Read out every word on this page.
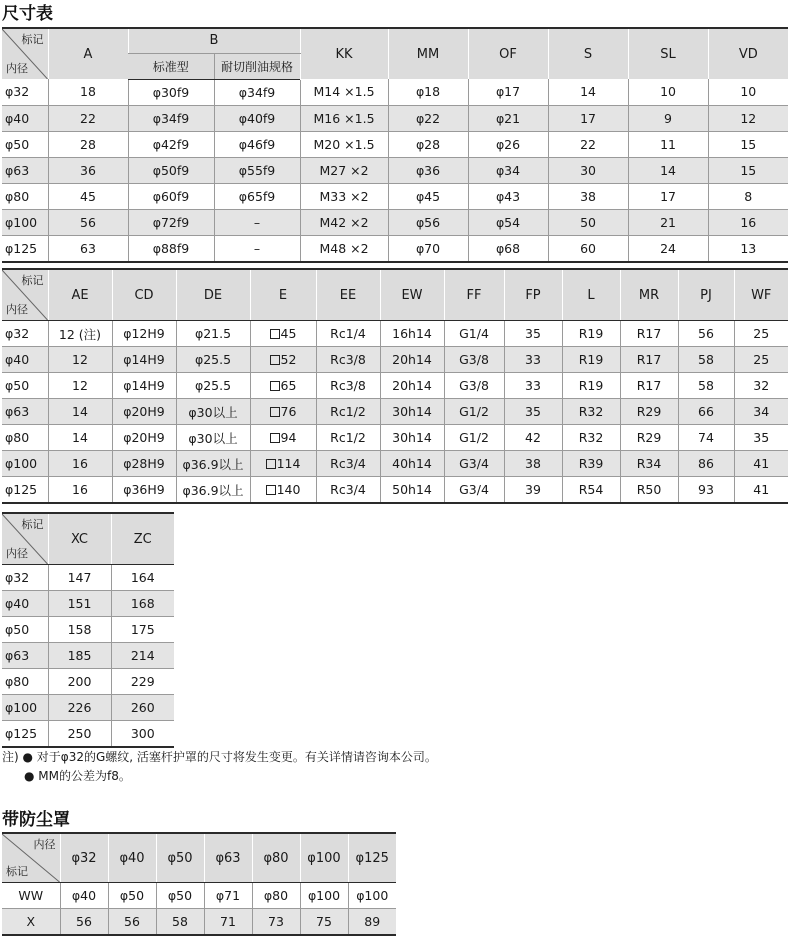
尺寸表
标记
内径	A	B		KK	MM	OF	S	SL	VD
		标准型	耐切削油规格						
φ32	18	φ30f9	φ34f9	M14 ×1.5	φ18	φ17	14	10	10
φ40	22	φ34f9	φ40f9	M16 ×1.5	φ22	φ21	17	9	12
φ50	28	φ42f9	φ46f9	M20 ×1.5	φ28	φ26	22	11	15
φ63	36	φ50f9	φ55f9	M27 ×2	φ36	φ34	30	14	15
φ80	45	φ60f9	φ65f9	M33 ×2	φ45	φ43	38	17	8
φ100	56	φ72f9	–	M42 ×2	φ56	φ54	50	21	16
φ125	63	φ88f9	–	M48 ×2	φ70	φ68	60	24	13
标记
内径	AE	CD	DE	E	EE	EW	FF	FP	L	MR	PJ	WF
φ32	12 (注)	φ12H9	φ21.5	45	Rc1/4	16h14	G1/4	35	R19	R17	56	25
φ40	12	φ14H9	φ25.5	52	Rc3/8	20h14	G3/8	33	R19	R17	58	25
φ50	12	φ14H9	φ25.5	65	Rc3/8	20h14	G3/8	33	R19	R17	58	32
φ63	14	φ20H9	φ30以上	76	Rc1/2	30h14	G1/2	35	R32	R29	66	34
φ80	14	φ20H9	φ30以上	94	Rc1/2	30h14	G1/2	42	R32	R29	74	35
φ100	16	φ28H9	φ36.9以上	114	Rc3/4	40h14	G3/4	38	R39	R34	86	41
φ125	16	φ36H9	φ36.9以上	140	Rc3/4	50h14	G3/4	39	R54	R50	93	41
标记
内径	XC	ZC
φ32	147	164
φ40	151	168
φ50	158	175
φ63	185	214
φ80	200	229
φ100	226	260
φ125	250	300
注) ● 对于φ32的G螺纹, 活塞杆护罩的尺寸将发生变更。有关详情请咨询本公司。
● MM的公差为f8。
带防尘罩
内径
标记	φ32	φ40	φ50	φ63	φ80	φ100	φ125
WW	φ40	φ50	φ50	φ71	φ80	φ100	φ100
X	56	56	58	71	73	75	89
